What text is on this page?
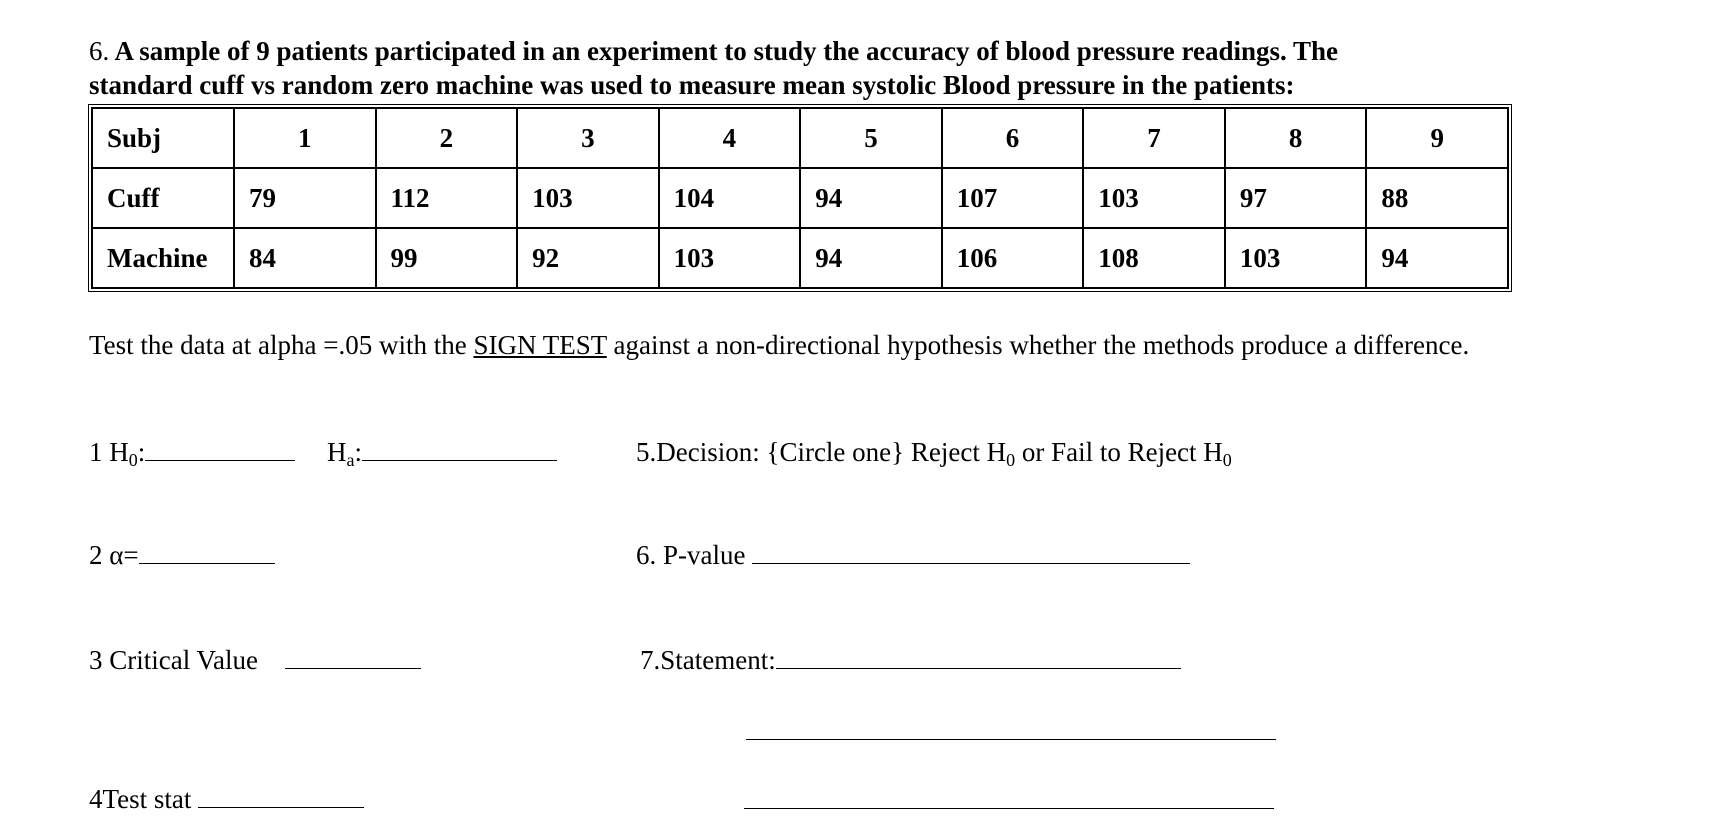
6. A sample of 9 patients participated in an experiment to study the accuracy of blood pressure readings. The
standard cuff vs random zero machine was used to measure mean systolic Blood pressure in the patients:
Subj	1	2	3	4	5	6	7	8	9
Cuff	79	112	103	104	94	107	103	97	88
Machine	84	99	92	103	94	106	108	103	94
Test the data at alpha =.05 with the SIGN TEST against a non-directional hypothesis whether the methods produce a difference.
1 $H_0$:	$H_a$:	5.Decision: {Circle one} Reject $H_0$ or Fail to Reject $H_0$
2 α=	6. P-value
3 Critical Value	7.Statement:
4Test stat
